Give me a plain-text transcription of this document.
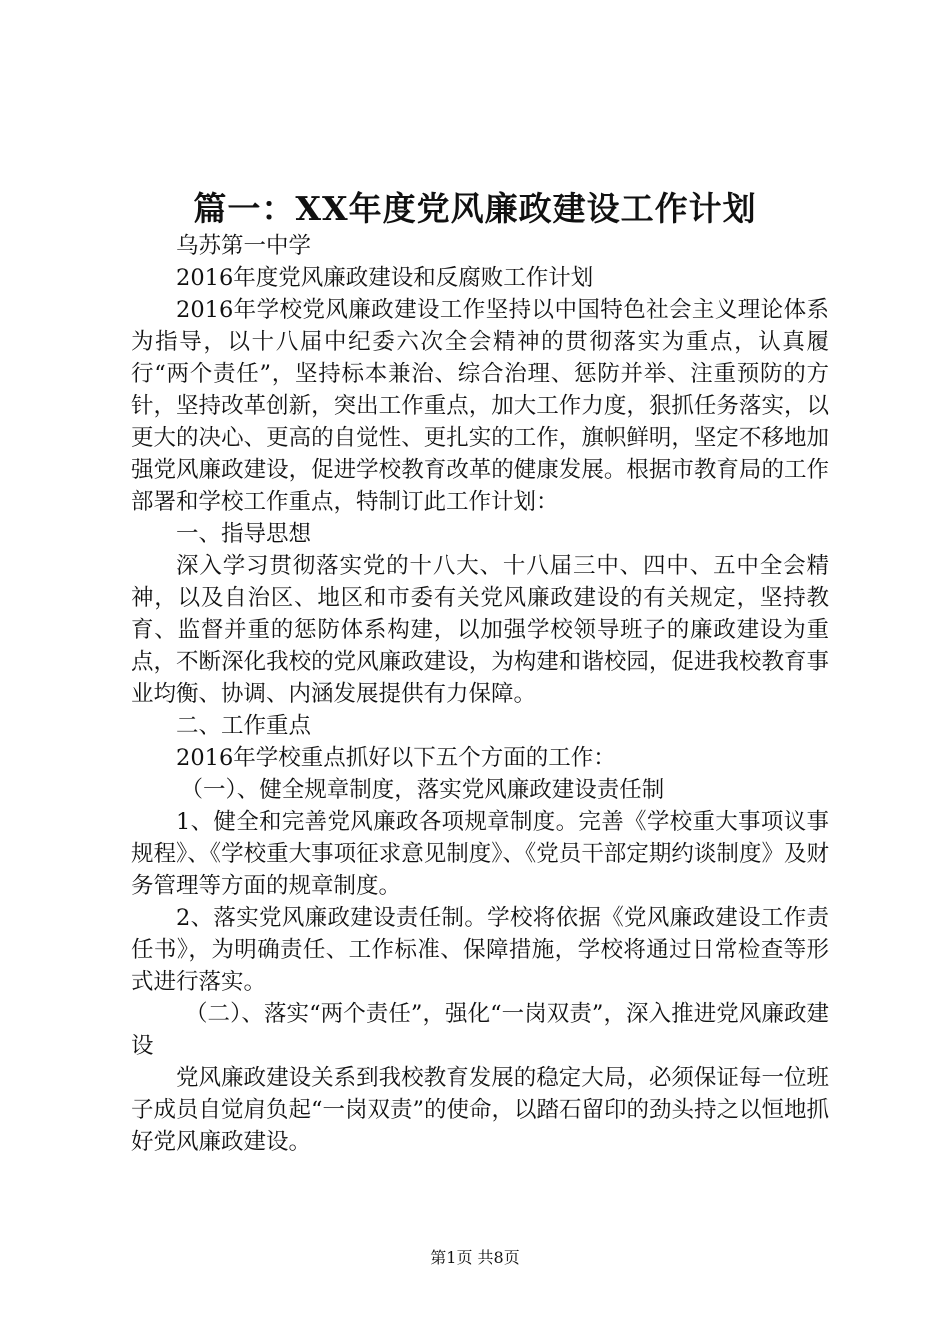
篇一：XX年度党风廉政建设工作计划

乌苏第一中学

2016年度党风廉政建设和反腐败工作计划

2016年学校党风廉政建设工作坚持以中国特色社会主义理论体系为指导，以十八届中纪委六次全会精神的贯彻落实为重点，认真履行“两个责任”，坚持标本兼治、综合治理、惩防并举、注重预防的方针，坚持改革创新，突出工作重点，加大工作力度，狠抓任务落实，以更大的决心、更高的自觉性、更扎实的工作，旗帜鲜明，坚定不移地加强党风廉政建设，促进学校教育改革的健康发展。根据市教育局的工作部署和学校工作重点，特制订此工作计划：

一、指导思想

深入学习贯彻落实党的十八大、十八届三中、四中、五中全会精神，以及自治区、地区和市委有关党风廉政建设的有关规定，坚持教育、监督并重的惩防体系构建，以加强学校领导班子的廉政建设为重点，不断深化我校的党风廉政建设，为构建和谐校园，促进我校教育事业均衡、协调、内涵发展提供有力保障。

二、工作重点

2016年学校重点抓好以下五个方面的工作：

（一）、健全规章制度，落实党风廉政建设责任制

1、健全和完善党风廉政各项规章制度。完善《学校重大事项议事规程》、《学校重大事项征求意见制度》、《党员干部定期约谈制度》及财务管理等方面的规章制度。

2、落实党风廉政建设责任制。学校将依据《党风廉政建设工作责任书》，为明确责任、工作标准、保障措施，学校将通过日常检查等形式进行落实。

（二）、落实“两个责任”，强化“一岗双责”，深入推进党风廉政建设

党风廉政建设关系到我校教育发展的稳定大局，必须保证每一位班子成员自觉肩负起“一岗双责”的使命，以踏石留印的劲头持之以恒地抓好党风廉政建设。

第1页 共8页
